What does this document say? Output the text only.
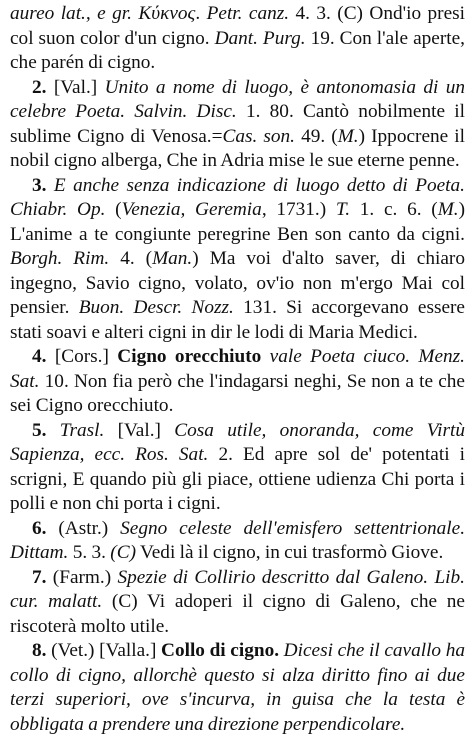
aureo lat., e gr. Κύκνος. Petr. canz. 4. 3. (C) Ond'io presi col suon color d'un cigno. Dant. Purg. 19. Con l'ale aperte, che parén di cigno.

2. [Val.] Unito a nome di luogo, è antonomasia di un celebre Poeta. Salvin. Disc. 1. 80. Cantò nobilmente il sublime Cigno di Venosa.=Cas. son. 49. (M.) Ippocrene il nobil cigno alberga, Che in Adria mise le sue eterne penne.

3. E anche senza indicazione di luogo detto di Poeta. Chiabr. Op. (Venezia, Geremia, 1731.) T. 1. c. 6. (M.) L'anime a te congiunte peregrine Ben son canto da cigni. Borgh. Rim. 4. (Man.) Ma voi d'alto saver, di chiaro ingegno, Savio cigno, volato, ov'io non m'ergo Mai col pensier. Buon. Descr. Nozz. 131. Si accorgevano essere stati soavi e alteri cigni in dir le lodi di Maria Medici.

4. [Cors.] Cigno orecchiuto vale Poeta ciuco. Menz. Sat. 10. Non fia però che l'indagarsi neghi, Se non a te che sei Cigno orecchiuto.

5. Trasl. [Val.] Cosa utile, onoranda, come Virtù Sapienza, ecc. Ros. Sat. 2. Ed apre sol de' potentati i scrigni, E quando più gli piace, ottiene udienza Chi porta i polli e non chi porta i cigni.

6. (Astr.) Segno celeste dell'emisfero settentrionale. Dittam. 5. 3. (C) Vedi là il cigno, in cui trasformò Giove.

7. (Farm.) Spezie di Collirio descritto dal Galeno. Lib. cur. malatt. (C) Vi adoperi il cigno di Galeno, che ne riscoterà molto utile.

8. (Vet.) [Valla.] Collo di cigno. Dicesi che il cavallo ha collo di cigno, allorchè questo si alza diritto fino ai due terzi superiori, ove s'incurva, in guisa che la testa è obbligata a prendere una direzione perpendicolare.
